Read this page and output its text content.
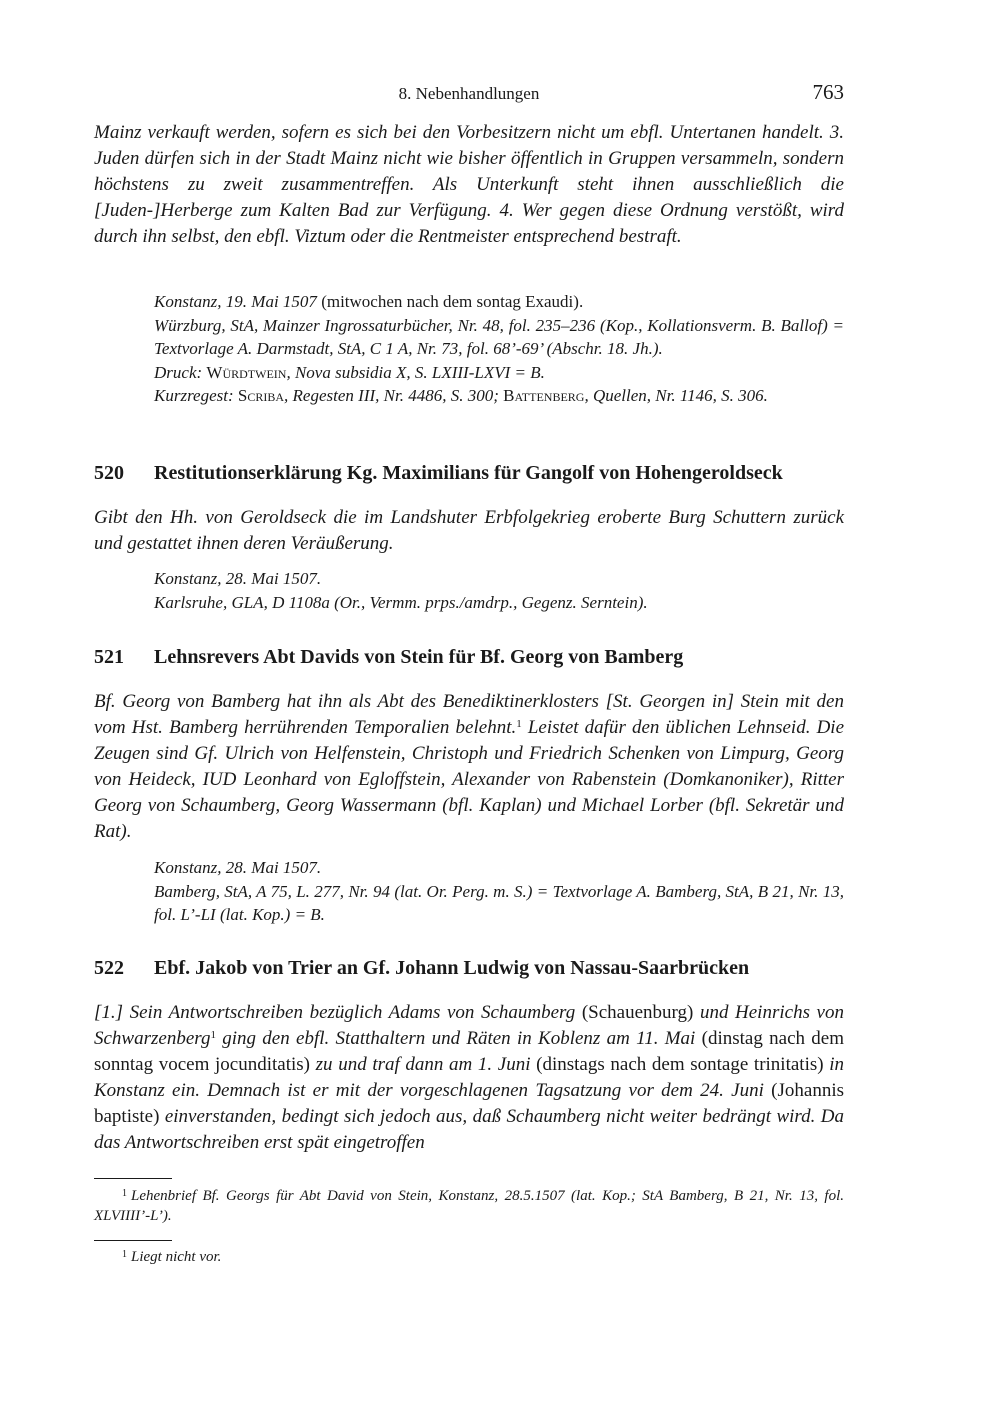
8. Nebenhandlungen	763

Mainz verkauft werden, sofern es sich bei den Vorbesitzern nicht um ebfl. Untertanen handelt. 3. Juden dürfen sich in der Stadt Mainz nicht wie bisher öffentlich in Gruppen versammeln, sondern höchstens zu zweit zusammentreffen. Als Unterkunft steht ihnen ausschließlich die [Juden-]Herberge zum Kalten Bad zur Verfügung. 4. Wer gegen diese Ordnung verstößt, wird durch ihn selbst, den ebfl. Viztum oder die Rentmeister entsprechend bestraft.

Konstanz, 19. Mai 1507 (mitwochen nach dem sontag Exaudi).
Würzburg, StA, Mainzer Ingrossaturbücher, Nr. 48, fol. 235–236 (Kop., Kollationsverm. B. Ballof) = Textvorlage A. Darmstadt, StA, C 1 A, Nr. 73, fol. 68’-69’ (Abschr. 18. Jh.).
Druck: Würdtwein, Nova subsidia X, S. LXIII-LXVI = B.
Kurzregest: Scriba, Regesten III, Nr. 4486, S. 300; Battenberg, Quellen, Nr. 1146, S. 306.
520 Restitutionserklärung Kg. Maximilians für Gangolf von Hohengeroldseck

Gibt den Hh. von Geroldseck die im Landshuter Erbfolgekrieg eroberte Burg Schuttern zurück und gestattet ihnen deren Veräußerung.

Konstanz, 28. Mai 1507.
Karlsruhe, GLA, D 1108a (Or., Vermm. prps./amdrp., Gegenz. Serntein).
521 Lehnsrevers Abt Davids von Stein für Bf. Georg von Bamberg

Bf. Georg von Bamberg hat ihn als Abt des Benediktinerklosters [St. Georgen in] Stein mit den vom Hst. Bamberg herrührenden Temporalien belehnt.$^1$ Leistet dafür den üblichen Lehnseid. Die Zeugen sind Gf. Ulrich von Helfenstein, Christoph und Friedrich Schenken von Limpurg, Georg von Heideck, IUD Leonhard von Egloffstein, Alexander von Rabenstein (Domkanoniker), Ritter Georg von Schaumberg, Georg Wassermann (bfl. Kaplan) und Michael Lorber (bfl. Sekretär und Rat).

Konstanz, 28. Mai 1507.
Bamberg, StA, A 75, L. 277, Nr. 94 (lat. Or. Perg. m. S.) = Textvorlage A. Bamberg, StA, B 21, Nr. 13, fol. L’-LI (lat. Kop.) = B.
522 Ebf. Jakob von Trier an Gf. Johann Ludwig von Nassau-Saarbrücken

[1.] Sein Antwortschreiben bezüglich Adams von Schaumberg (Schauenburg) und Heinrichs von Schwarzenberg$^1$ ging den ebfl. Statthaltern und Räten in Koblenz am 11. Mai (dinstag nach dem sonntag vocem jocunditatis) zu und traf dann am 1. Juni (dinstags nach dem sontage trinitatis) in Konstanz ein. Demnach ist er mit der vorgeschlagenen Tagsatzung vor dem 24. Juni (Johannis baptiste) einverstanden, bedingt sich jedoch aus, daß Schaumberg nicht weiter bedrängt wird. Da das Antwortschreiben erst spät eingetroffen

$^1$ Lehenbrief Bf. Georgs für Abt David von Stein, Konstanz, 28.5.1507 (lat. Kop.; StA Bamberg, B 21, Nr. 13, fol. XLVIIII’-L’).
$^1$ Liegt nicht vor.
